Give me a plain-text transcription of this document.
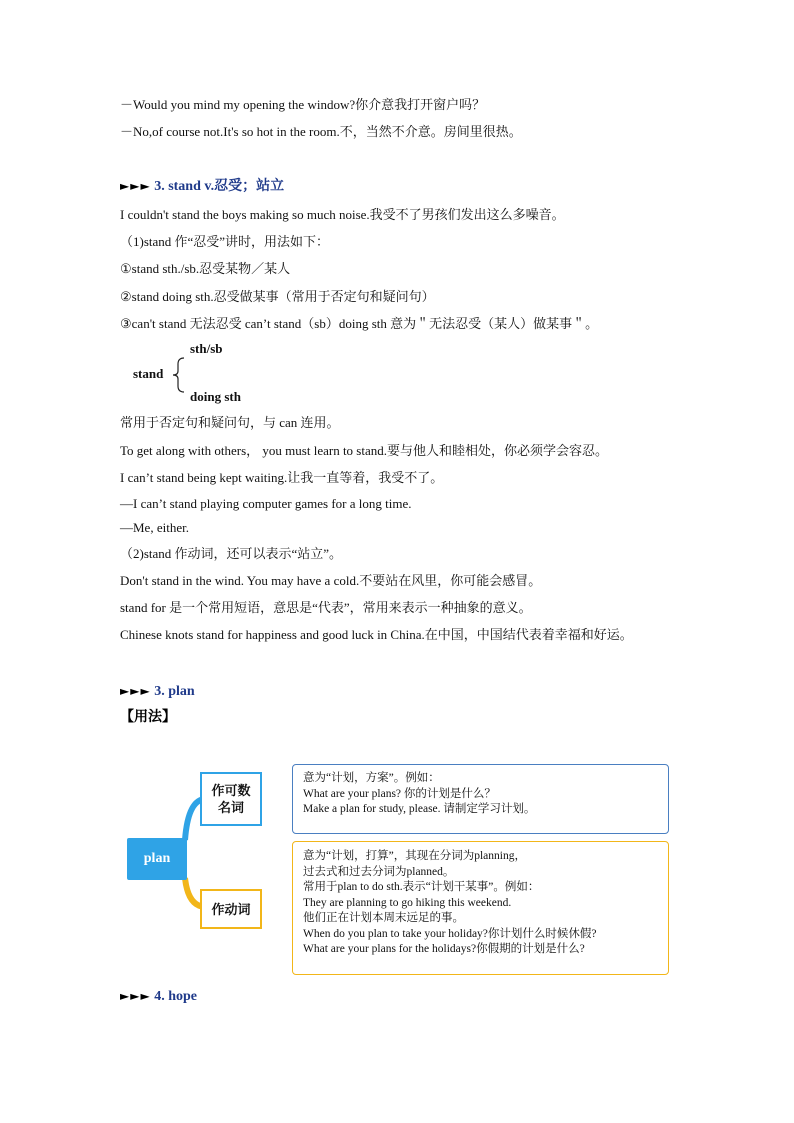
－Would you mind my opening the window?你介意我打开窗户吗？
－No,of course not.It's so hot in the room.不，当然不介意。房间里很热。
►►► 3. stand v.忍受；站立
I couldn't stand the boys making so much noise.我受不了男孩们发出这么多噪音。
（1)stand 作“忍受”讲时，用法如下：
①stand sth./sb.忍受某物／某人
②stand doing sth.忍受做某事（常用于否定句和疑问句）
③can't stand 无法忍受 can’t stand（sb）doing sth 意为＂无法忍受（某人）做某事＂。
sth/sb
stand
doing sth
常用于否定句和疑问句，与 can 连用。
To get along with others， you must learn to stand.要与他人和睦相处，你必须学会容忍。
I can’t stand being kept waiting.让我一直等着，我受不了。
—I can’t stand playing computer games for a long time.
—Me, either.
（2)stand 作动词，还可以表示“站立”。
Don't stand in the wind. You may have a cold.不要站在风里，你可能会感冒。
stand for 是一个常用短语，意思是“代表”，常用来表示一种抽象的意义。
Chinese knots stand for happiness and good luck in China.在中国，中国结代表着幸福和好运。
►►► 3. plan
【用法】
plan
作可数
名词
作动词
意为“计划，方案”。例如：
What are your plans? 你的计划是什么？
Make a plan for study, please. 请制定学习计划。
意为“计划，打算”，其现在分词为planning，
过去式和过去分词为planned。
常用于plan to do sth.表示“计划干某事”。例如：
They are planning to go hiking this weekend.
他们正在计划本周末远足的事。
When do you plan to take your holiday?你计划什么时候休假?
What are your plans for the holidays?你假期的计划是什么?
►►► 4. hope
